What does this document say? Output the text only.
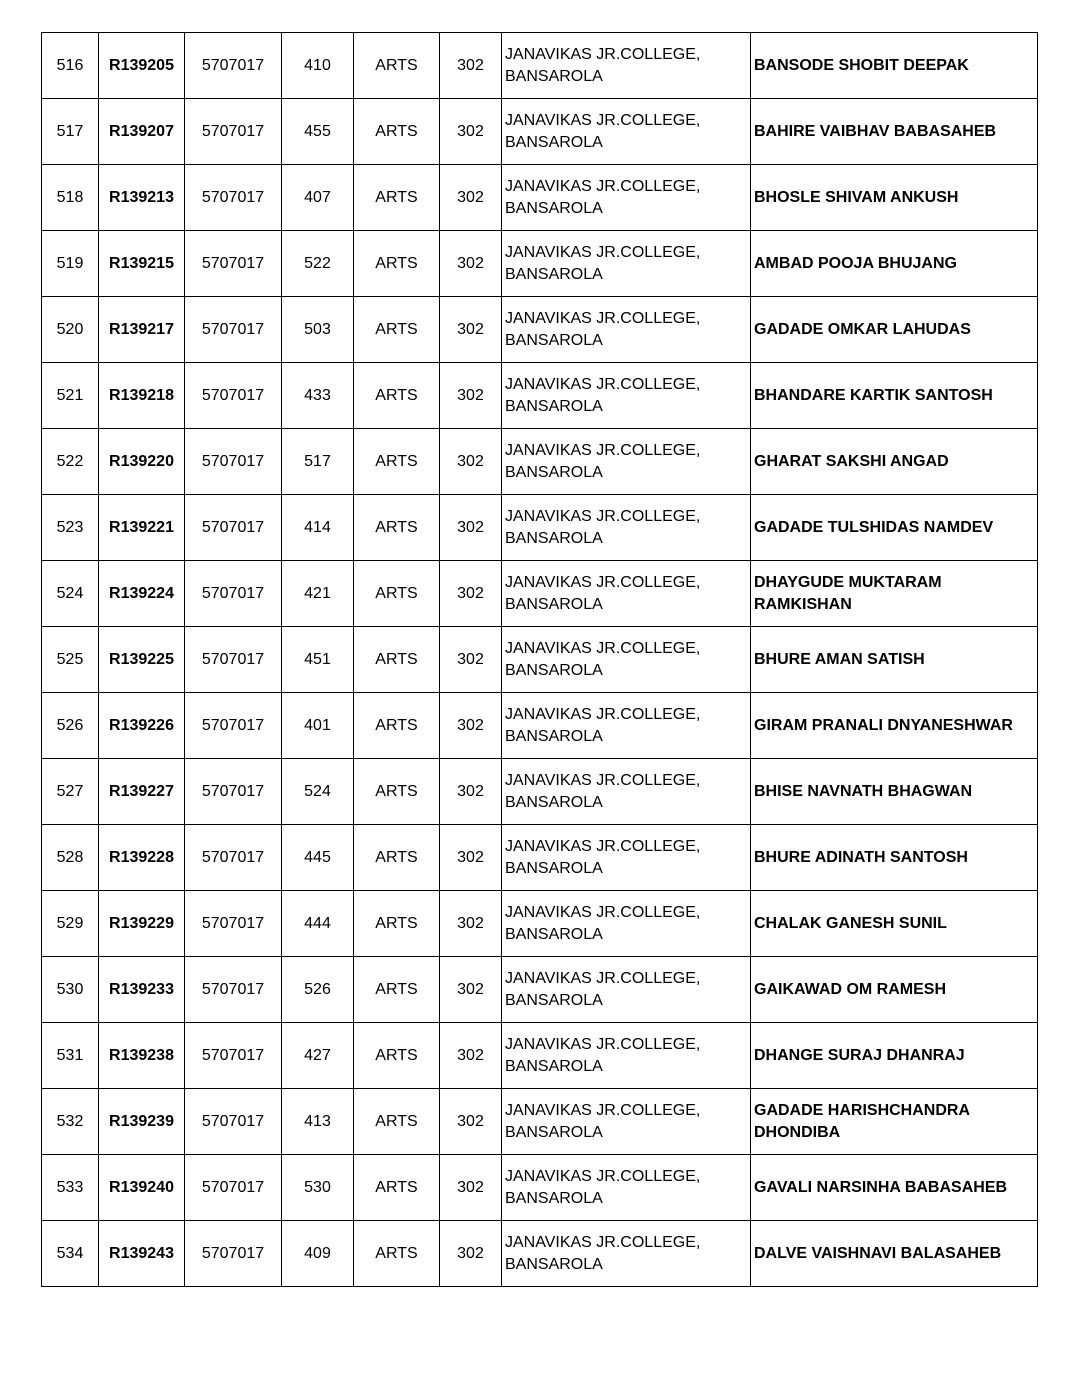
516	R139205	5707017	410	ARTS	302	JANAVIKAS JR.COLLEGE,
BANSAROLA	BANSODE SHOBIT DEEPAK
517	R139207	5707017	455	ARTS	302	JANAVIKAS JR.COLLEGE,
BANSAROLA	BAHIRE VAIBHAV BABASAHEB
518	R139213	5707017	407	ARTS	302	JANAVIKAS JR.COLLEGE,
BANSAROLA	BHOSLE SHIVAM ANKUSH
519	R139215	5707017	522	ARTS	302	JANAVIKAS JR.COLLEGE,
BANSAROLA	AMBAD POOJA BHUJANG
520	R139217	5707017	503	ARTS	302	JANAVIKAS JR.COLLEGE,
BANSAROLA	GADADE OMKAR LAHUDAS
521	R139218	5707017	433	ARTS	302	JANAVIKAS JR.COLLEGE,
BANSAROLA	BHANDARE KARTIK SANTOSH
522	R139220	5707017	517	ARTS	302	JANAVIKAS JR.COLLEGE,
BANSAROLA	GHARAT SAKSHI ANGAD
523	R139221	5707017	414	ARTS	302	JANAVIKAS JR.COLLEGE,
BANSAROLA	GADADE TULSHIDAS NAMDEV
524	R139224	5707017	421	ARTS	302	JANAVIKAS JR.COLLEGE,
BANSAROLA	DHAYGUDE MUKTARAM RAMKISHAN
525	R139225	5707017	451	ARTS	302	JANAVIKAS JR.COLLEGE,
BANSAROLA	BHURE AMAN SATISH
526	R139226	5707017	401	ARTS	302	JANAVIKAS JR.COLLEGE,
BANSAROLA	GIRAM PRANALI DNYANESHWAR
527	R139227	5707017	524	ARTS	302	JANAVIKAS JR.COLLEGE,
BANSAROLA	BHISE NAVNATH BHAGWAN
528	R139228	5707017	445	ARTS	302	JANAVIKAS JR.COLLEGE,
BANSAROLA	BHURE ADINATH SANTOSH
529	R139229	5707017	444	ARTS	302	JANAVIKAS JR.COLLEGE,
BANSAROLA	CHALAK GANESH SUNIL
530	R139233	5707017	526	ARTS	302	JANAVIKAS JR.COLLEGE,
BANSAROLA	GAIKAWAD OM RAMESH
531	R139238	5707017	427	ARTS	302	JANAVIKAS JR.COLLEGE,
BANSAROLA	DHANGE SURAJ DHANRAJ
532	R139239	5707017	413	ARTS	302	JANAVIKAS JR.COLLEGE,
BANSAROLA	GADADE HARISHCHANDRA DHONDIBA
533	R139240	5707017	530	ARTS	302	JANAVIKAS JR.COLLEGE,
BANSAROLA	GAVALI NARSINHA BABASAHEB
534	R139243	5707017	409	ARTS	302	JANAVIKAS JR.COLLEGE,
BANSAROLA	DALVE VAISHNAVI BALASAHEB
